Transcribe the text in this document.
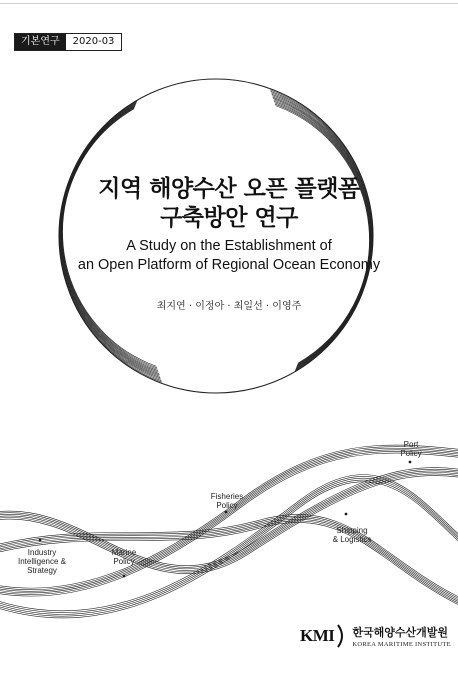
기본연구	2020-03
지역 해양수산 오픈 플랫폼
구축방안 연구
A Study on the Establishment of
an Open Platform of Regional Ocean Economy
최지연 · 이정아 · 최일선 · 이영주
Port
Policy
Fisheries
Policy
Shipping
& Logistics
Marine
Policy
Industry
Intelligence &
Strategy
KMI 한국해양수산개발원
KOREA MARITIME INSTITUTE
